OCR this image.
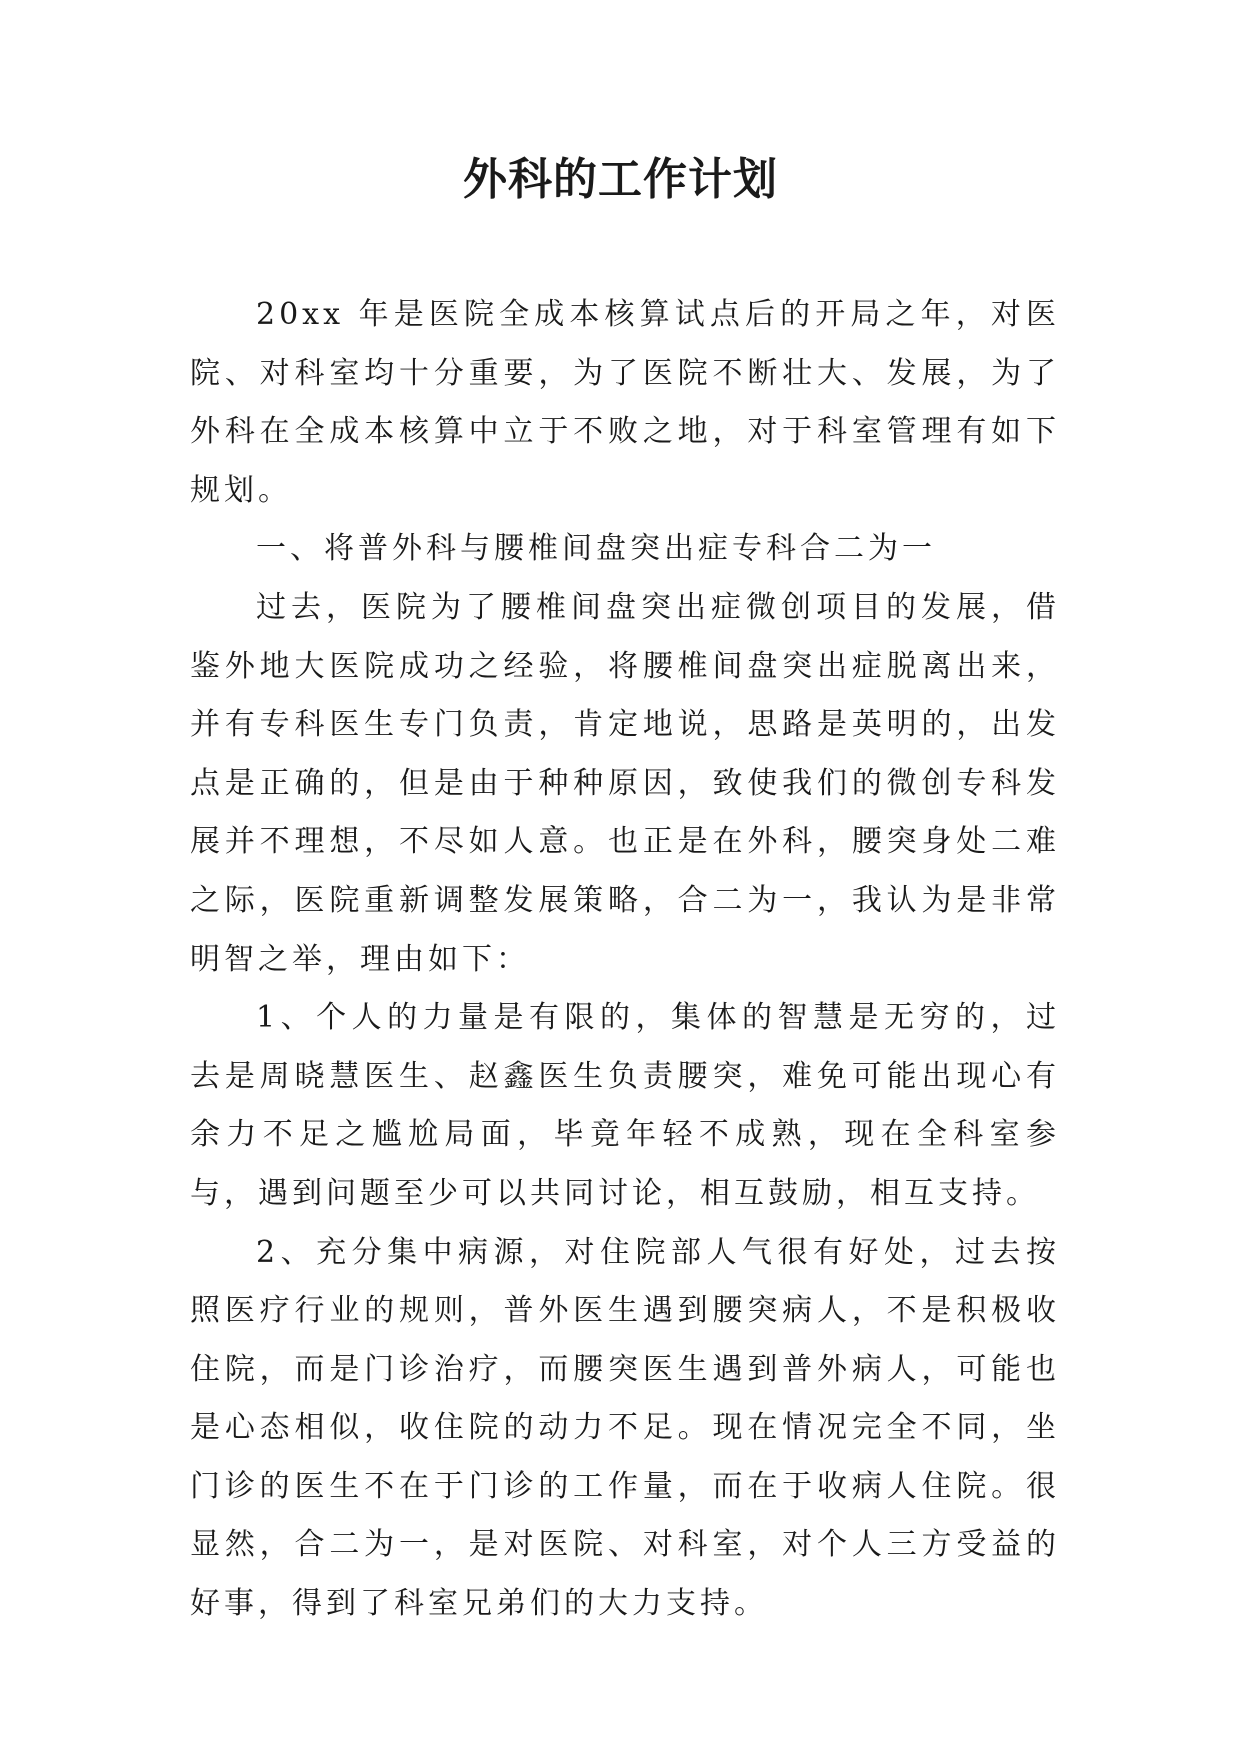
外科的工作计划

20xx 年是医院全成本核算试点后的开局之年，对医院、对科室均十分重要，为了医院不断壮大、发展，为了外科在全成本核算中立于不败之地，对于科室管理有如下规划。

一、将普外科与腰椎间盘突出症专科合二为一

过去，医院为了腰椎间盘突出症微创项目的发展，借鉴外地大医院成功之经验，将腰椎间盘突出症脱离出来，并有专科医生专门负责，肯定地说，思路是英明的，出发点是正确的，但是由于种种原因，致使我们的微创专科发展并不理想，不尽如人意。也正是在外科，腰突身处二难之际，医院重新调整发展策略，合二为一，我认为是非常明智之举，理由如下：

1、个人的力量是有限的，集体的智慧是无穷的，过去是周晓慧医生、赵鑫医生负责腰突，难免可能出现心有余力不足之尴尬局面，毕竟年轻不成熟，现在全科室参与，遇到问题至少可以共同讨论，相互鼓励，相互支持。

2、充分集中病源，对住院部人气很有好处，过去按照医疗行业的规则，普外医生遇到腰突病人，不是积极收住院，而是门诊治疗，而腰突医生遇到普外病人，可能也是心态相似，收住院的动力不足。现在情况完全不同，坐门诊的医生不在于门诊的工作量，而在于收病人住院。很显然，合二为一，是对医院、对科室，对个人三方受益的好事，得到了科室兄弟们的大力支持。
